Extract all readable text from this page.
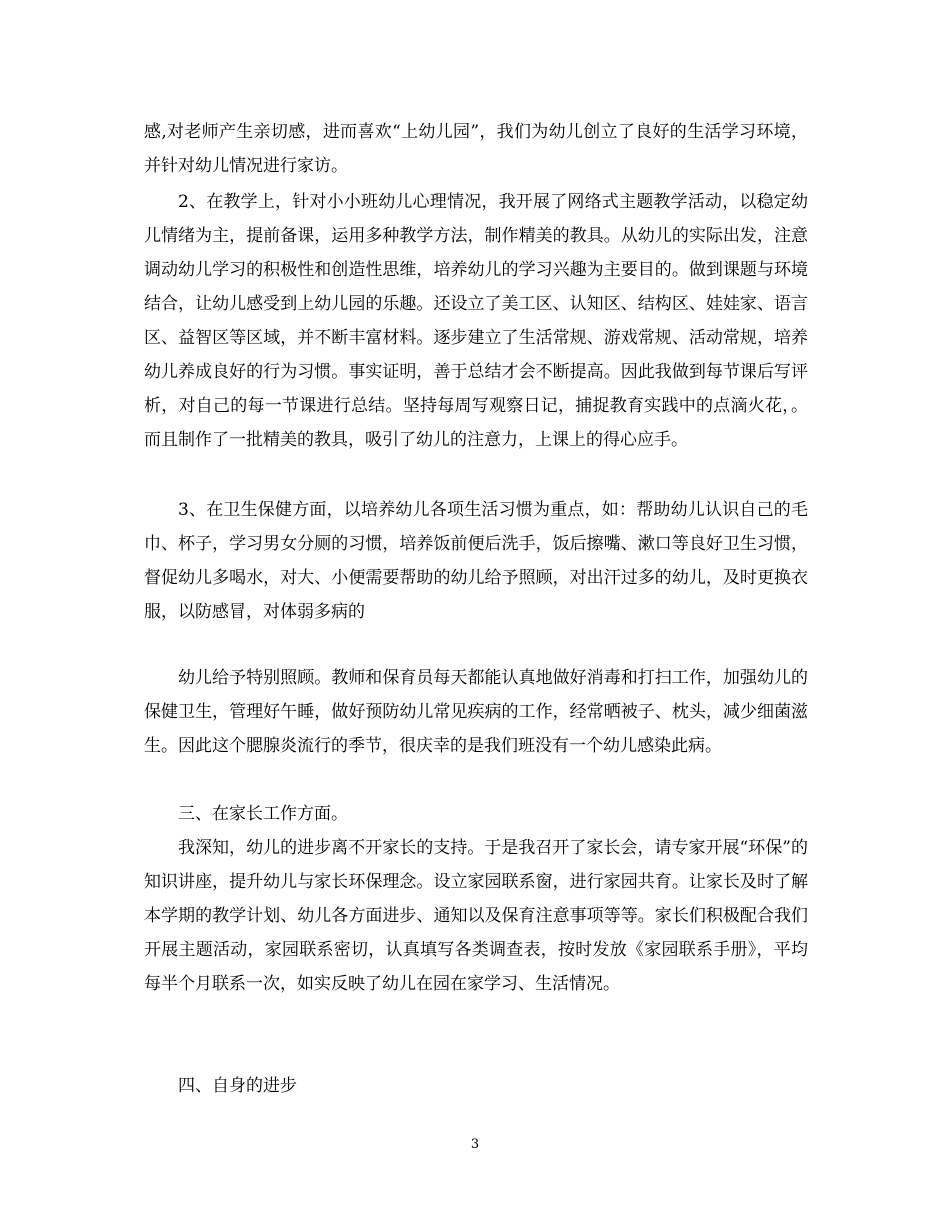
感,对老师产生亲切感，进而喜欢“上幼儿园”，我们为幼儿创立了良好的生活学习环境，并针对幼儿情况进行家访。

2、在教学上，针对小小班幼儿心理情况，我开展了网络式主题教学活动，以稳定幼儿情绪为主，提前备课，运用多种教学方法，制作精美的教具。从幼儿的实际出发，注意调动幼儿学习的积极性和创造性思维，培养幼儿的学习兴趣为主要目的。做到课题与环境结合，让幼儿感受到上幼儿园的乐趣。还设立了美工区、认知区、结构区、娃娃家、语言区、益智区等区域，并不断丰富材料。逐步建立了生活常规、游戏常规、活动常规，培养幼儿养成良好的行为习惯。事实证明，善于总结才会不断提高。因此我做到每节课后写评析，对自己的每一节课进行总结。坚持每周写观察日记，捕捉教育实践中的点滴火花，。而且制作了一批精美的教具，吸引了幼儿的注意力，上课上的得心应手。

3、在卫生保健方面，以培养幼儿各项生活习惯为重点，如：帮助幼儿认识自己的毛巾、杯子，学习男女分厕的习惯，培养饭前便后洗手，饭后擦嘴、漱口等良好卫生习惯，督促幼儿多喝水，对大、小便需要帮助的幼儿给予照顾，对出汗过多的幼儿，及时更换衣服，以防感冒，对体弱多病的

幼儿给予特别照顾。教师和保育员每天都能认真地做好消毒和打扫工作，加强幼儿的保健卫生，管理好午睡，做好预防幼儿常见疾病的工作，经常晒被子、枕头，减少细菌滋生。因此这个腮腺炎流行的季节，很庆幸的是我们班没有一个幼儿感染此病。

三、在家长工作方面。

我深知，幼儿的进步离不开家长的支持。于是我召开了家长会，请专家开展“环保”的知识讲座，提升幼儿与家长环保理念。设立家园联系窗，进行家园共育。让家长及时了解本学期的教学计划、幼儿各方面进步、通知以及保育注意事项等等。家长们积极配合我们开展主题活动，家园联系密切，认真填写各类调查表，按时发放《家园联系手册》，平均每半个月联系一次，如实反映了幼儿在园在家学习、生活情况。

四、自身的进步

3
